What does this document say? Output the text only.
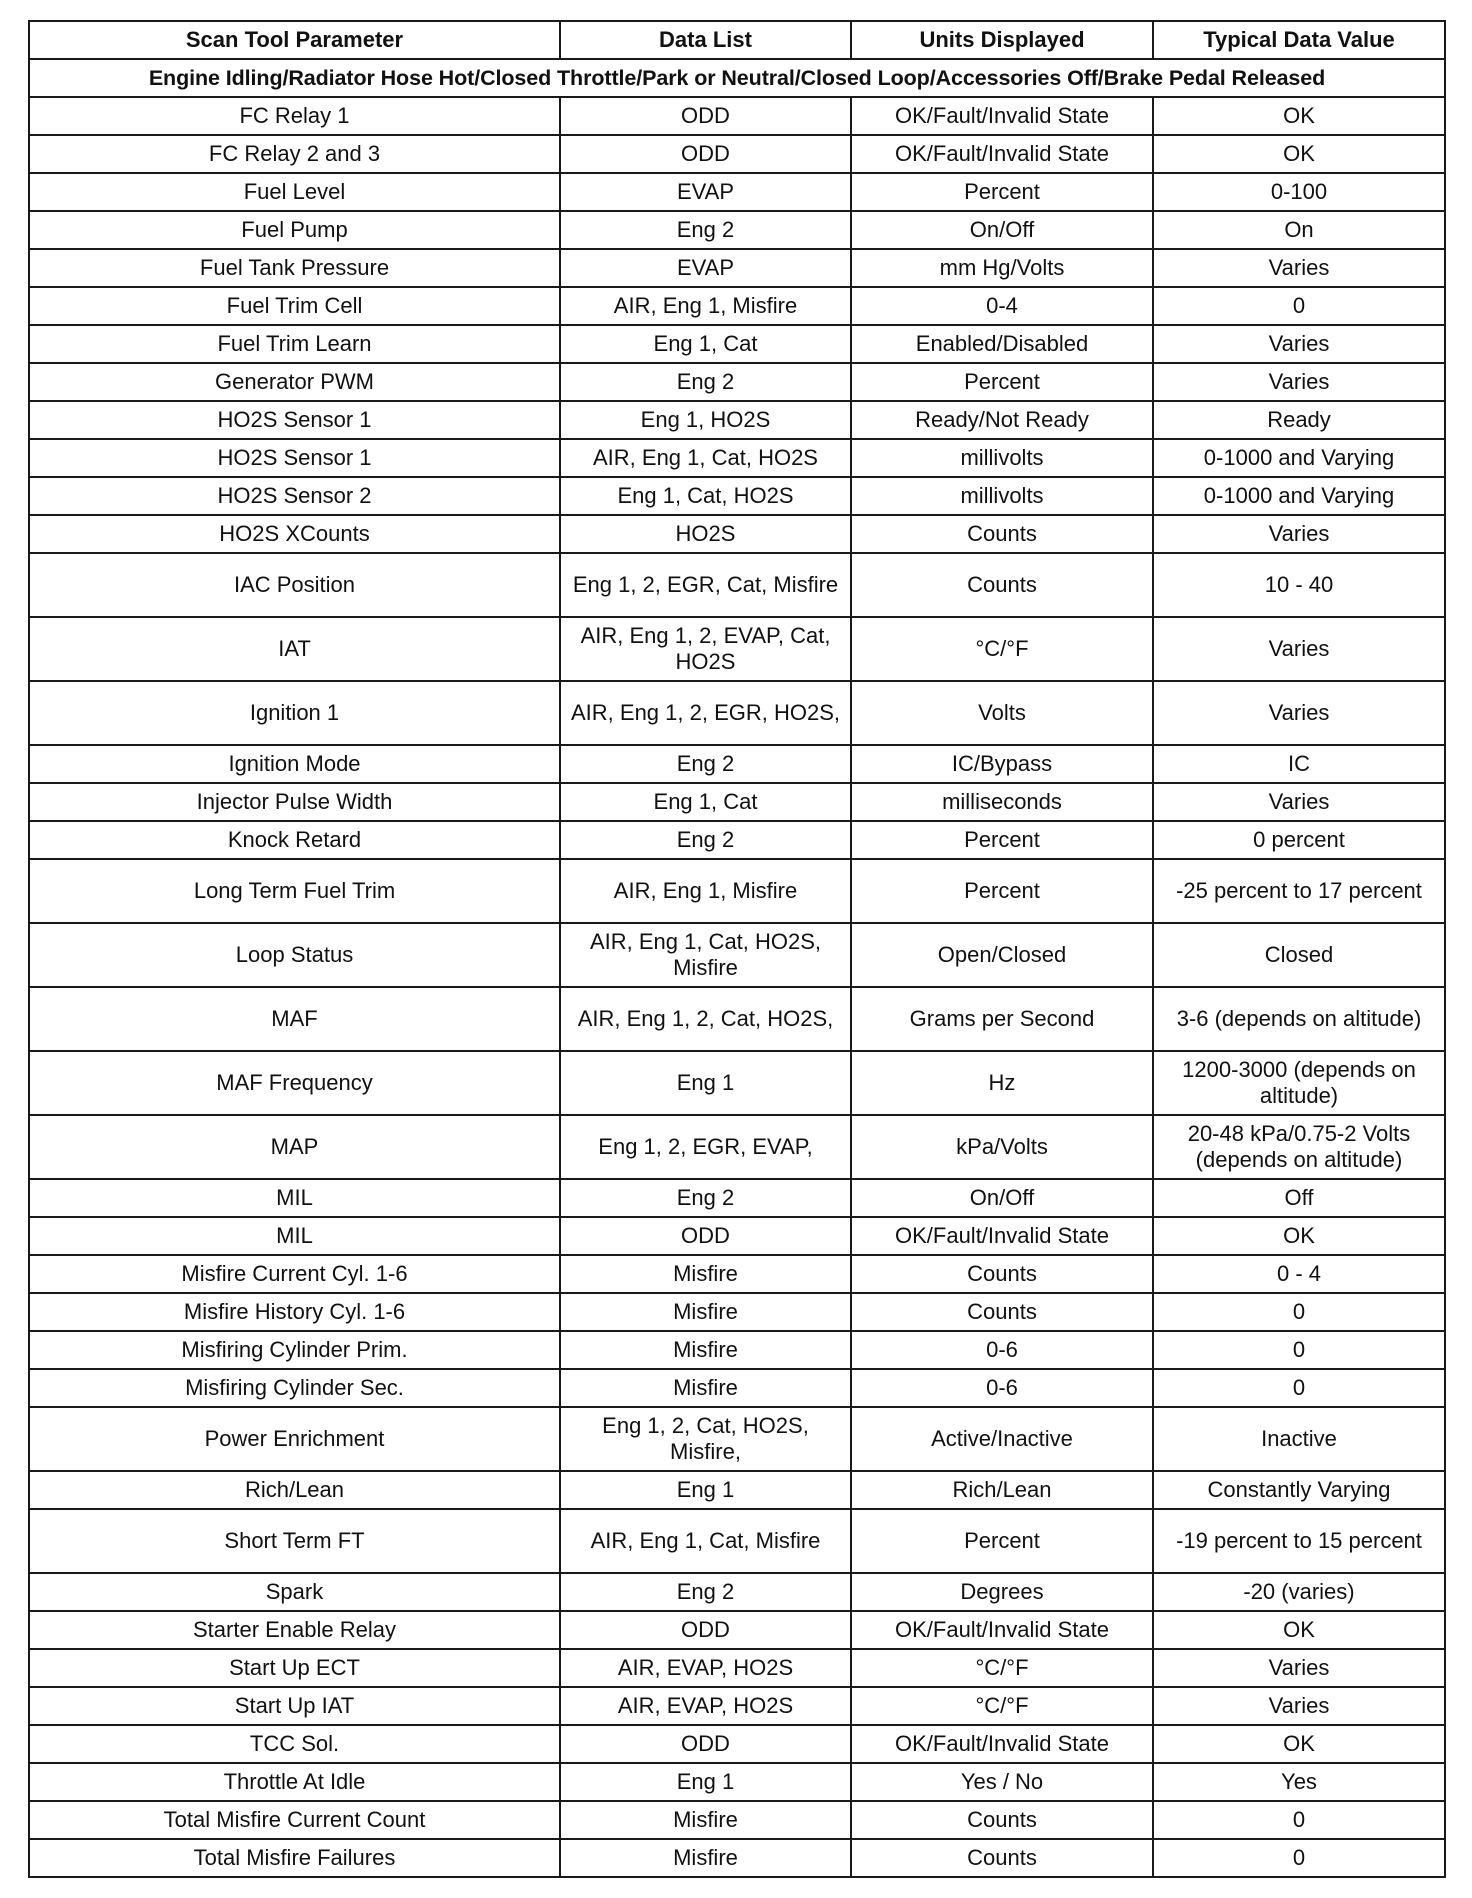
Scan Tool Parameter	Data List	Units Displayed	Typical Data Value
Engine Idling/Radiator Hose Hot/Closed Throttle/Park or Neutral/Closed Loop/Accessories Off/Brake Pedal Released			
FC Relay 1	ODD	OK/Fault/Invalid State	OK
FC Relay 2 and 3	ODD	OK/Fault/Invalid State	OK
Fuel Level	EVAP	Percent	0-100
Fuel Pump	Eng 2	On/Off	On
Fuel Tank Pressure	EVAP	mm Hg/Volts	Varies
Fuel Trim Cell	AIR, Eng 1, Misfire	0-4	0
Fuel Trim Learn	Eng 1, Cat	Enabled/Disabled	Varies
Generator PWM	Eng 2	Percent	Varies
HO2S Sensor 1	Eng 1, HO2S	Ready/Not Ready	Ready
HO2S Sensor 1	AIR, Eng 1, Cat, HO2S	millivolts	0-1000 and Varying
HO2S Sensor 2	Eng 1, Cat, HO2S	millivolts	0-1000 and Varying
HO2S XCounts	HO2S	Counts	Varies
IAC Position	Eng 1, 2, EGR, Cat, Misfire	Counts	10 - 40
IAT	AIR, Eng 1, 2, EVAP, Cat, HO2S	°C/°F	Varies
Ignition 1	AIR, Eng 1, 2, EGR, HO2S,	Volts	Varies
Ignition Mode	Eng 2	IC/Bypass	IC
Injector Pulse Width	Eng 1, Cat	milliseconds	Varies
Knock Retard	Eng 2	Percent	0 percent
Long Term Fuel Trim	AIR, Eng 1, Misfire	Percent	-25 percent to 17 percent
Loop Status	AIR, Eng 1, Cat, HO2S, Misfire	Open/Closed	Closed
MAF	AIR, Eng 1, 2, Cat, HO2S,	Grams per Second	3-6 (depends on altitude)
MAF Frequency	Eng 1	Hz	1200-3000 (depends on altitude)
MAP	Eng 1, 2, EGR, EVAP,	kPa/Volts	20-48 kPa/0.75-2 Volts (depends on altitude)
MIL	Eng 2	On/Off	Off
MIL	ODD	OK/Fault/Invalid State	OK
Misfire Current Cyl. 1-6	Misfire	Counts	0 - 4
Misfire History Cyl. 1-6	Misfire	Counts	0
Misfiring Cylinder Prim.	Misfire	0-6	0
Misfiring Cylinder Sec.	Misfire	0-6	0
Power Enrichment	Eng 1, 2, Cat, HO2S, Misfire,	Active/Inactive	Inactive
Rich/Lean	Eng 1	Rich/Lean	Constantly Varying
Short Term FT	AIR, Eng 1, Cat, Misfire	Percent	-19 percent to 15 percent
Spark	Eng 2	Degrees	-20 (varies)
Starter Enable Relay	ODD	OK/Fault/Invalid State	OK
Start Up ECT	AIR, EVAP, HO2S	°C/°F	Varies
Start Up IAT	AIR, EVAP, HO2S	°C/°F	Varies
TCC Sol.	ODD	OK/Fault/Invalid State	OK
Throttle At Idle	Eng 1	Yes / No	Yes
Total Misfire Current Count	Misfire	Counts	0
Total Misfire Failures	Misfire	Counts	0
